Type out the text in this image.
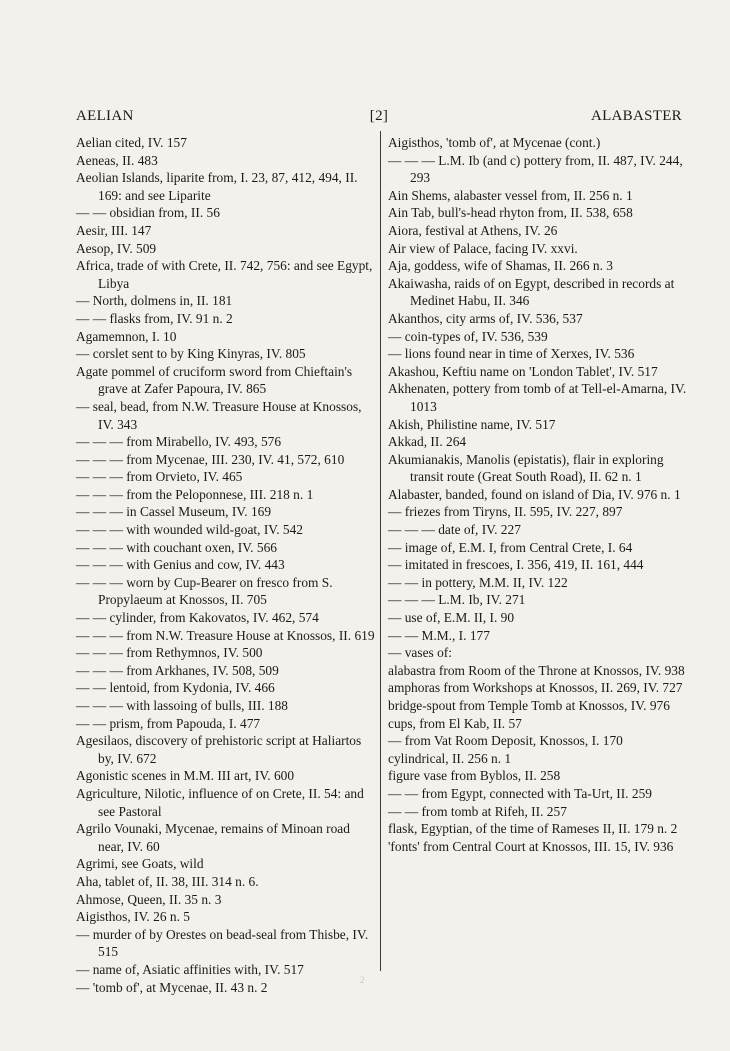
AELIAN	[2]	ALABASTER
Aelian cited, IV. 157
Aeneas, II. 483
Aeolian Islands, liparite from, I. 23, 87, 412, 494, II. 169: and see Liparite
— — obsidian from, II. 56
Aesir, III. 147
Aesop, IV. 509
Africa, trade of with Crete, II. 742, 756: and see Egypt, Libya
— North, dolmens in, II. 181
— — flasks from, IV. 91 n. 2
Agamemnon, I. 10
— corslet sent to by King Kinyras, IV. 805
Agate pommel of cruciform sword from Chieftain's grave at Zafer Papoura, IV. 865
— seal, bead, from N.W. Treasure House at Knossos, IV. 343
— — — from Mirabello, IV. 493, 576
— — — from Mycenae, III. 230, IV. 41, 572, 610
— — — from Orvieto, IV. 465
— — — from the Peloponnese, III. 218 n. 1
— — — in Cassel Museum, IV. 169
— — — with wounded wild-goat, IV. 542
— — — with couchant oxen, IV. 566
— — — with Genius and cow, IV. 443
— — — worn by Cup-Bearer on fresco from S. Propylaeum at Knossos, II. 705
— — cylinder, from Kakovatos, IV. 462, 574
— — — from N.W. Treasure House at Knossos, II. 619
— — — from Rethymnos, IV. 500
— — — from Arkhanes, IV. 508, 509
— — lentoid, from Kydonia, IV. 466
— — — with lassoing of bulls, III. 188
— — prism, from Papouda, I. 477
Agesilaos, discovery of prehistoric script at Haliartos by, IV. 672
Agonistic scenes in M.M. III art, IV. 600
Agriculture, Nilotic, influence of on Crete, II. 54: and see Pastoral
Agrilo Vounaki, Mycenae, remains of Minoan road near, IV. 60
Agrimi, see Goats, wild
Aha, tablet of, II. 38, III. 314 n. 6.
Ahmose, Queen, II. 35 n. 3
Aigisthos, IV. 26 n. 5
— murder of by Orestes on bead-seal from Thisbe, IV. 515
— name of, Asiatic affinities with, IV. 517
— 'tomb of', at Mycenae, II. 43 n. 2
Aigisthos, 'tomb of', at Mycenae (cont.)
— — — L.M. Ib (and c) pottery from, II. 487, IV. 244, 293
Ain Shems, alabaster vessel from, II. 256 n. 1
Ain Tab, bull's-head rhyton from, II. 538, 658
Aiora, festival at Athens, IV. 26
Air view of Palace, facing IV. xxvi.
Aja, goddess, wife of Shamas, II. 266 n. 3
Akaiwasha, raids of on Egypt, described in records at Medinet Habu, II. 346
Akanthos, city arms of, IV. 536, 537
— coin-types of, IV. 536, 539
— lions found near in time of Xerxes, IV. 536
Akashou, Keftiu name on 'London Tablet', IV. 517
Akhenaten, pottery from tomb of at Tell-el-Amarna, IV. 1013
Akish, Philistine name, IV. 517
Akkad, II. 264
Akumianakis, Manolis (epistatis), flair in exploring transit route (Great South Road), II. 62 n. 1
Alabaster, banded, found on island of Dia, IV. 976 n. 1
— friezes from Tiryns, II. 595, IV. 227, 897
— — — date of, IV. 227
— image of, E.M. I, from Central Crete, I. 64
— imitated in frescoes, I. 356, 419, II. 161, 444
— — in pottery, M.M. II, IV. 122
— — — L.M. Ib, IV. 271
— use of, E.M. II, I. 90
— — M.M., I. 177
— vases of:
alabastra from Room of the Throne at Knossos, IV. 938
amphoras from Workshops at Knossos, II. 269, IV. 727
bridge-spout from Temple Tomb at Knossos, IV. 976
cups, from El Kab, II. 57
— from Vat Room Deposit, Knossos, I. 170
cylindrical, II. 256 n. 1
figure vase from Byblos, II. 258
— — from Egypt, connected with Ta-Urt, II. 259
— — from tomb at Rifeh, II. 257
flask, Egyptian, of the time of Rameses II, II. 179 n. 2
'fonts' from Central Court at Knossos, III. 15, IV. 936
2
